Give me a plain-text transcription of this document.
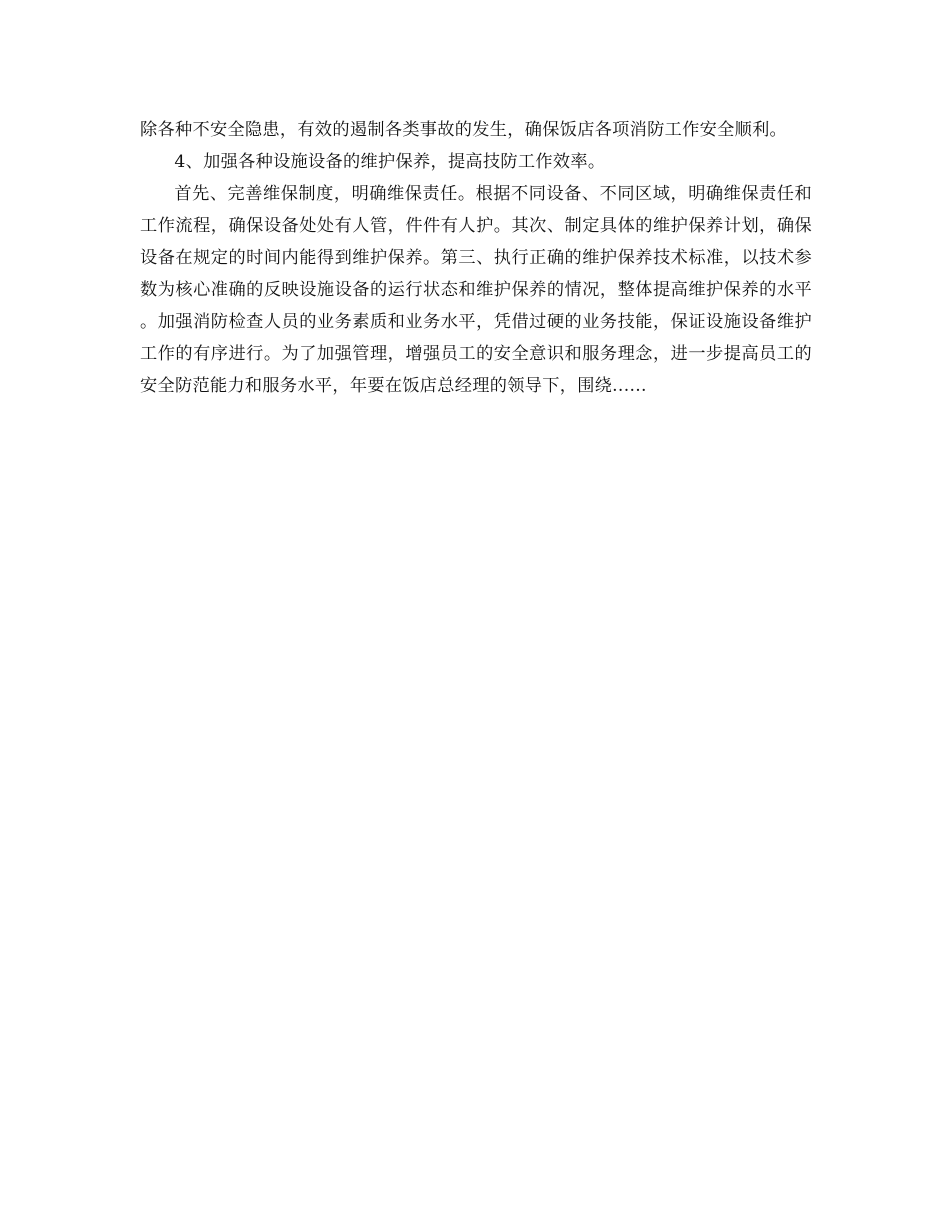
除各种不安全隐患，有效的遏制各类事故的发生，确保饭店各项消防工作安全顺利。

4、加强各种设施设备的维护保养，提高技防工作效率。

首先、完善维保制度，明确维保责任。根据不同设备、不同区域，明确维保责任和工作流程，确保设备处处有人管，件件有人护。其次、制定具体的维护保养计划，确保设备在规定的时间内能得到维护保养。第三、执行正确的维护保养技术标准，以技术参数为核心准确的反映设施设备的运行状态和维护保养的情况，整体提高维护保养的水平。加强消防检查人员的业务素质和业务水平，凭借过硬的业务技能，保证设施设备维护工作的有序进行。为了加强管理，增强员工的安全意识和服务理念，进一步提高员工的安全防范能力和服务水平，年要在饭店总经理的领导下，围绕......
